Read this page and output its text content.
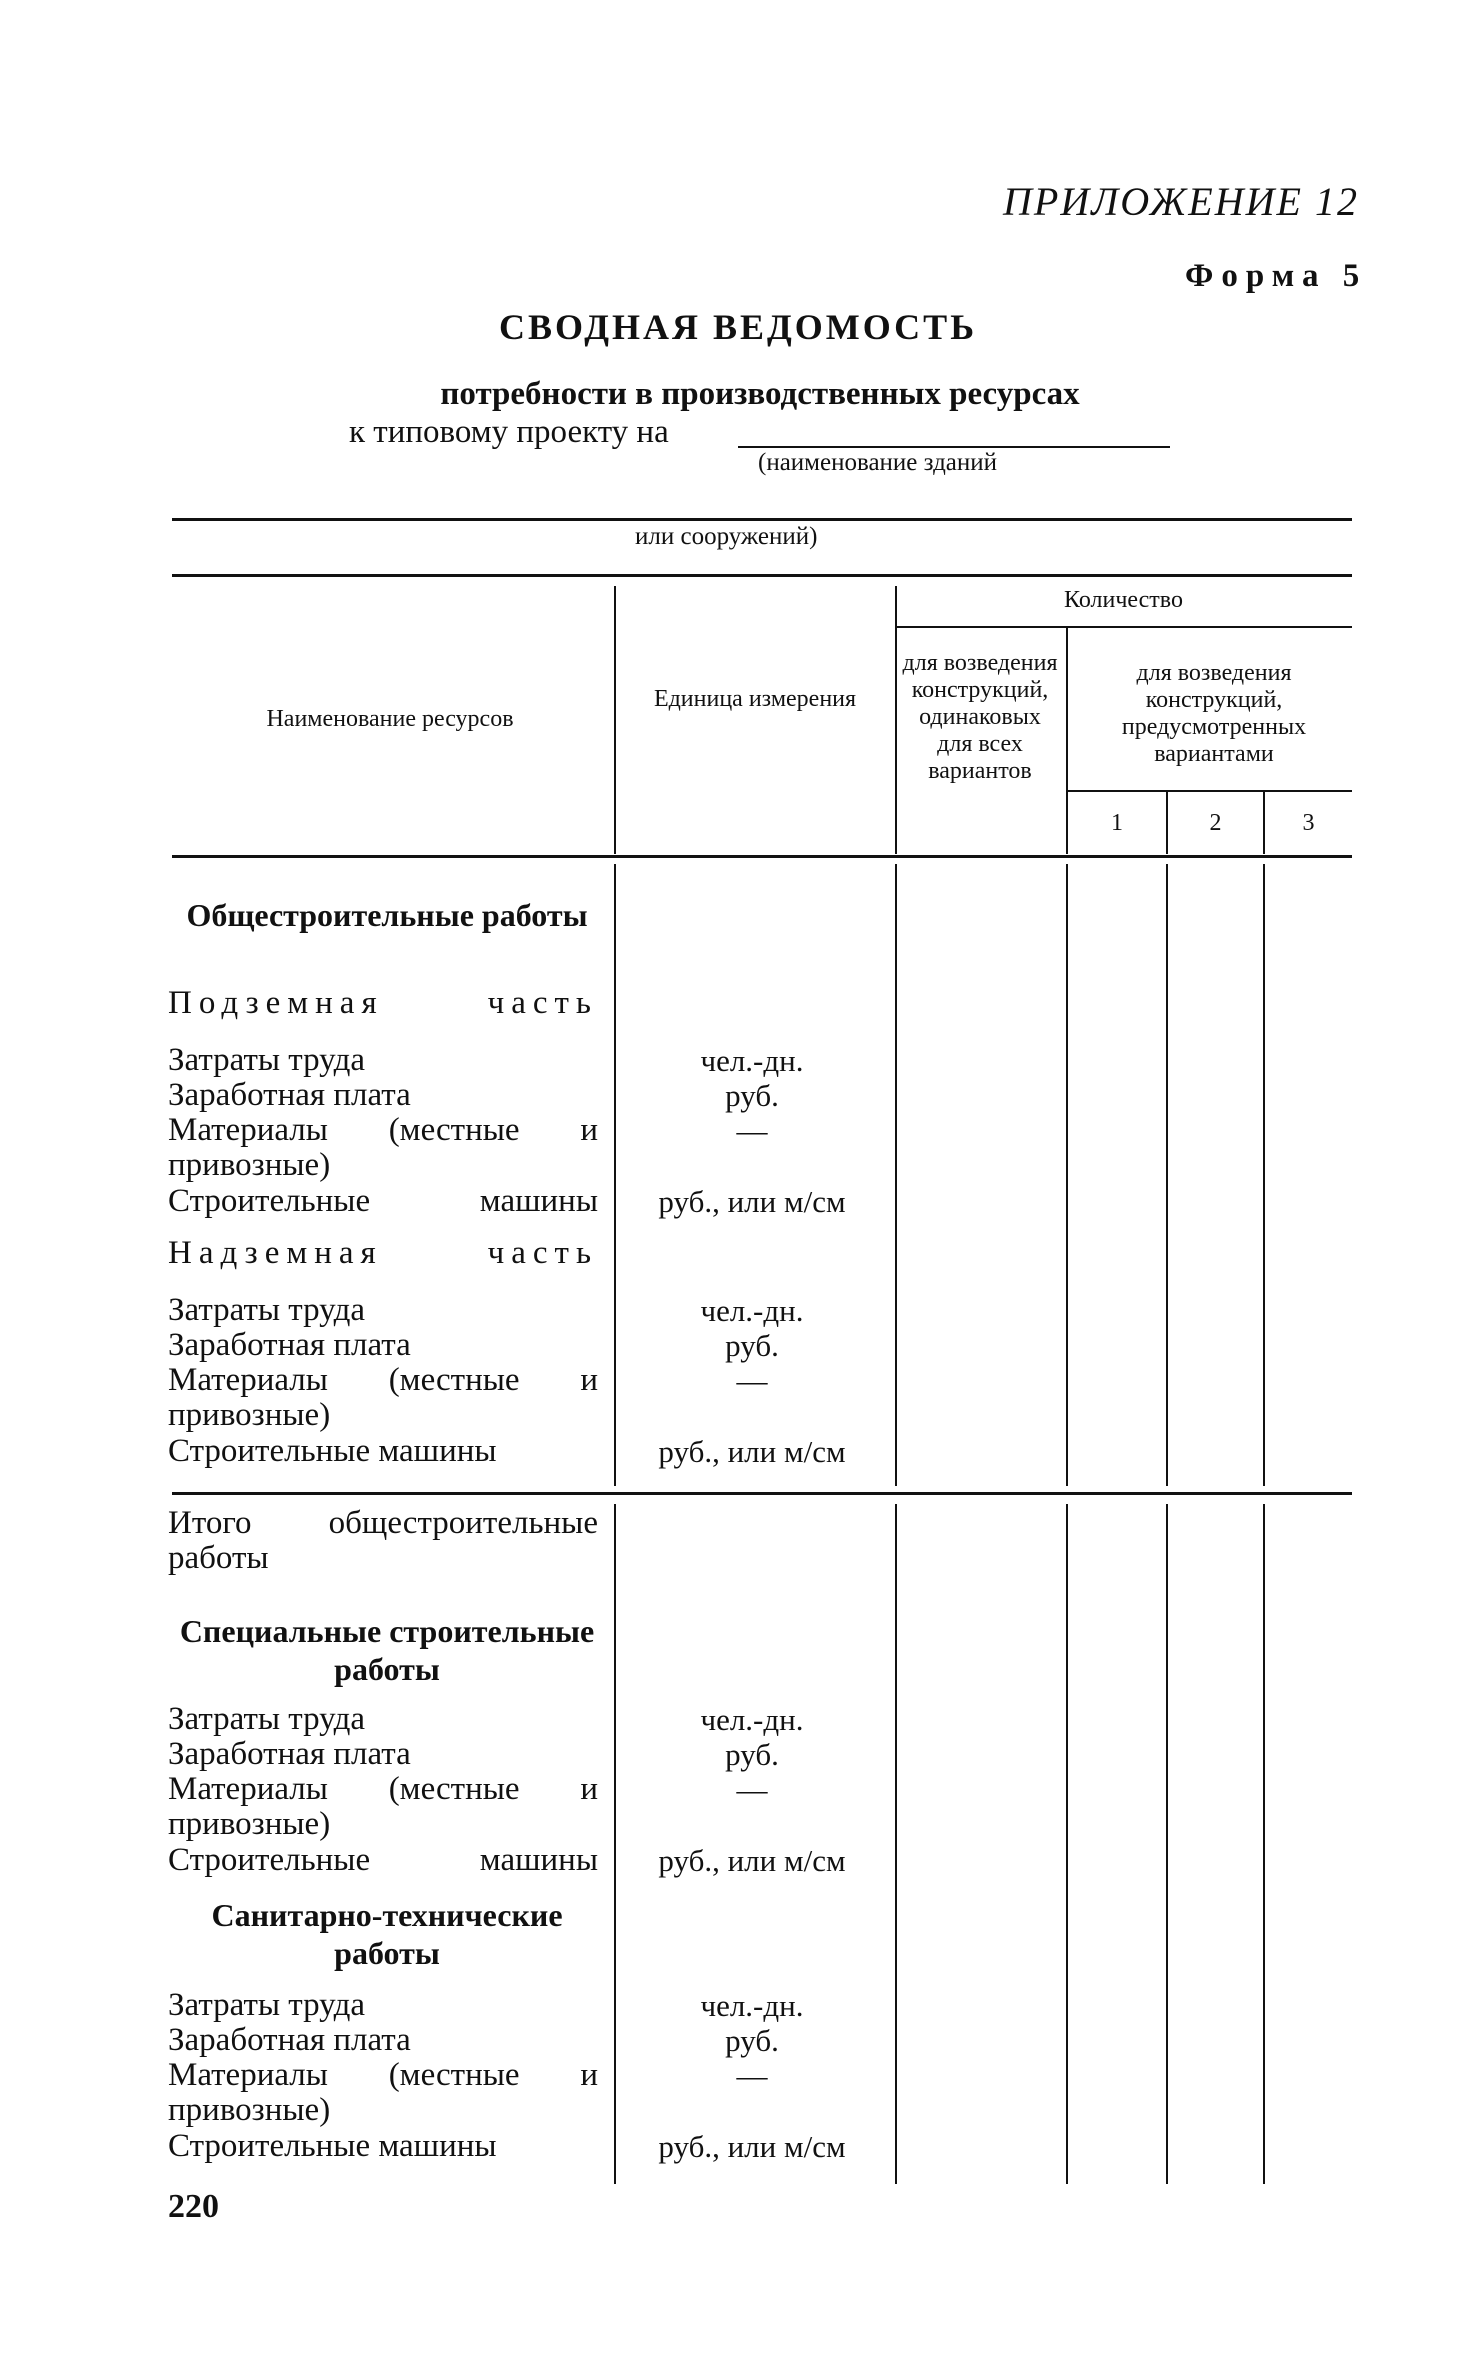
ПРИЛОЖЕНИЕ 12
Форма 5
СВОДНАЯ ВЕДОМОСТЬ
потребности в производственных ресурсах
к типовому проекту на
(наименование зданий
или сооружений)
Наименование ресурсов
Единица измерения
Количество
для возведения конструкций, одинаковых для всех вариантов
для возведения конструкций, предусмотренных вариантами
1	2	3
Общестроительные работы
Подземная часть
Затраты труда
Заработная плата
Материалы (местные и привозные)
Строительные машины
чел.-дн.
руб.
—
руб., или м/см
Надземная часть
Затраты труда
Заработная плата
Материалы (местные и привозные)
Строительные машины
чел.-дн.
руб.
—
руб., или м/см
Итого общестроительные работы
Специальные строительные работы
Затраты труда
Заработная плата
Материалы (местные и привозные)
Строительные машины
чел.-дн.
руб.
—
руб., или м/см
Санитарно-технические работы
Затраты труда
Заработная плата
Материалы (местные и привозные)
Строительные машины
чел.-дн.
руб.
—
руб., или м/см
220
